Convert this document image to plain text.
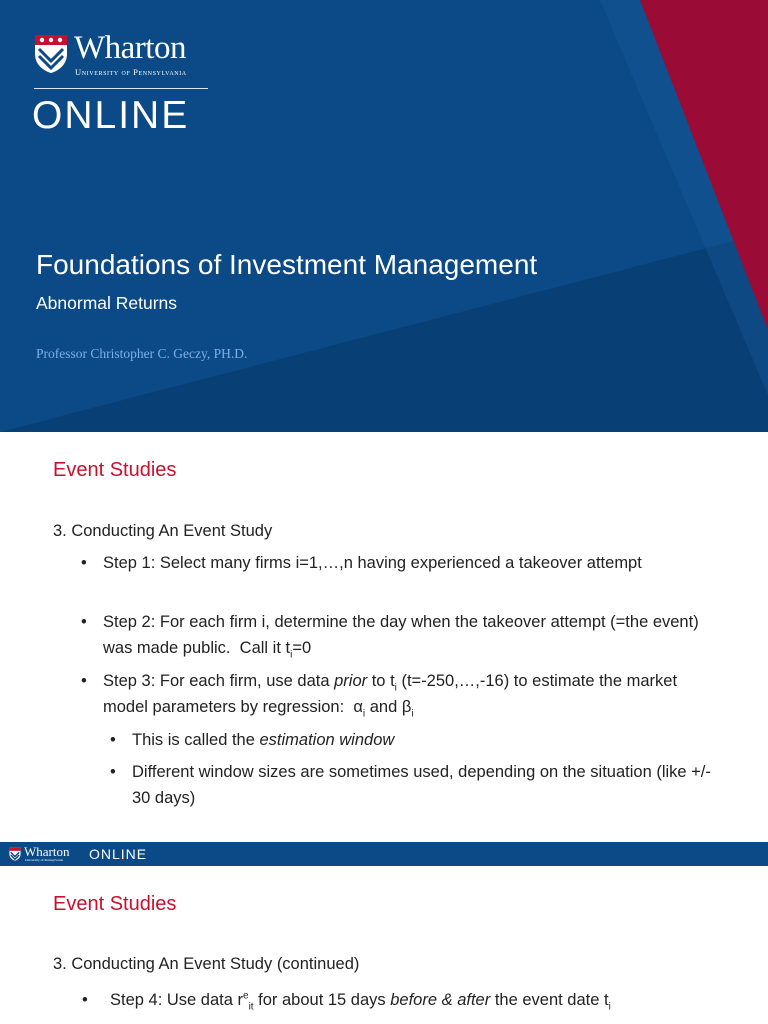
Wharton
University of Pennsylvania
ONLINE
Foundations of Investment Management
Abnormal Returns
Professor Christopher C. Geczy, PH.D.
Event Studies
3. Conducting An Event Study
• Step 1: Select many firms i=1,…,n having experienced a takeover attempt
• Step 2: For each firm i, determine the day when the takeover attempt (=the event) was made public.  Call it $t_i=0$
• Step 3: For each firm, use data prior to $t_i$ (t=-250,…,-16) to estimate the market model parameters by regression:  $\alpha_i$ and $\beta_i$
• This is called the estimation window
• Different window sizes are sometimes used, depending on the situation (like +/- 30 days)
Wharton
University of Pennsylvania ONLINE
Event Studies
3. Conducting An Event Study (continued)
• Step 4: Use data $r^e_{it}$ for about 15 days before & after the event date $t_i$
